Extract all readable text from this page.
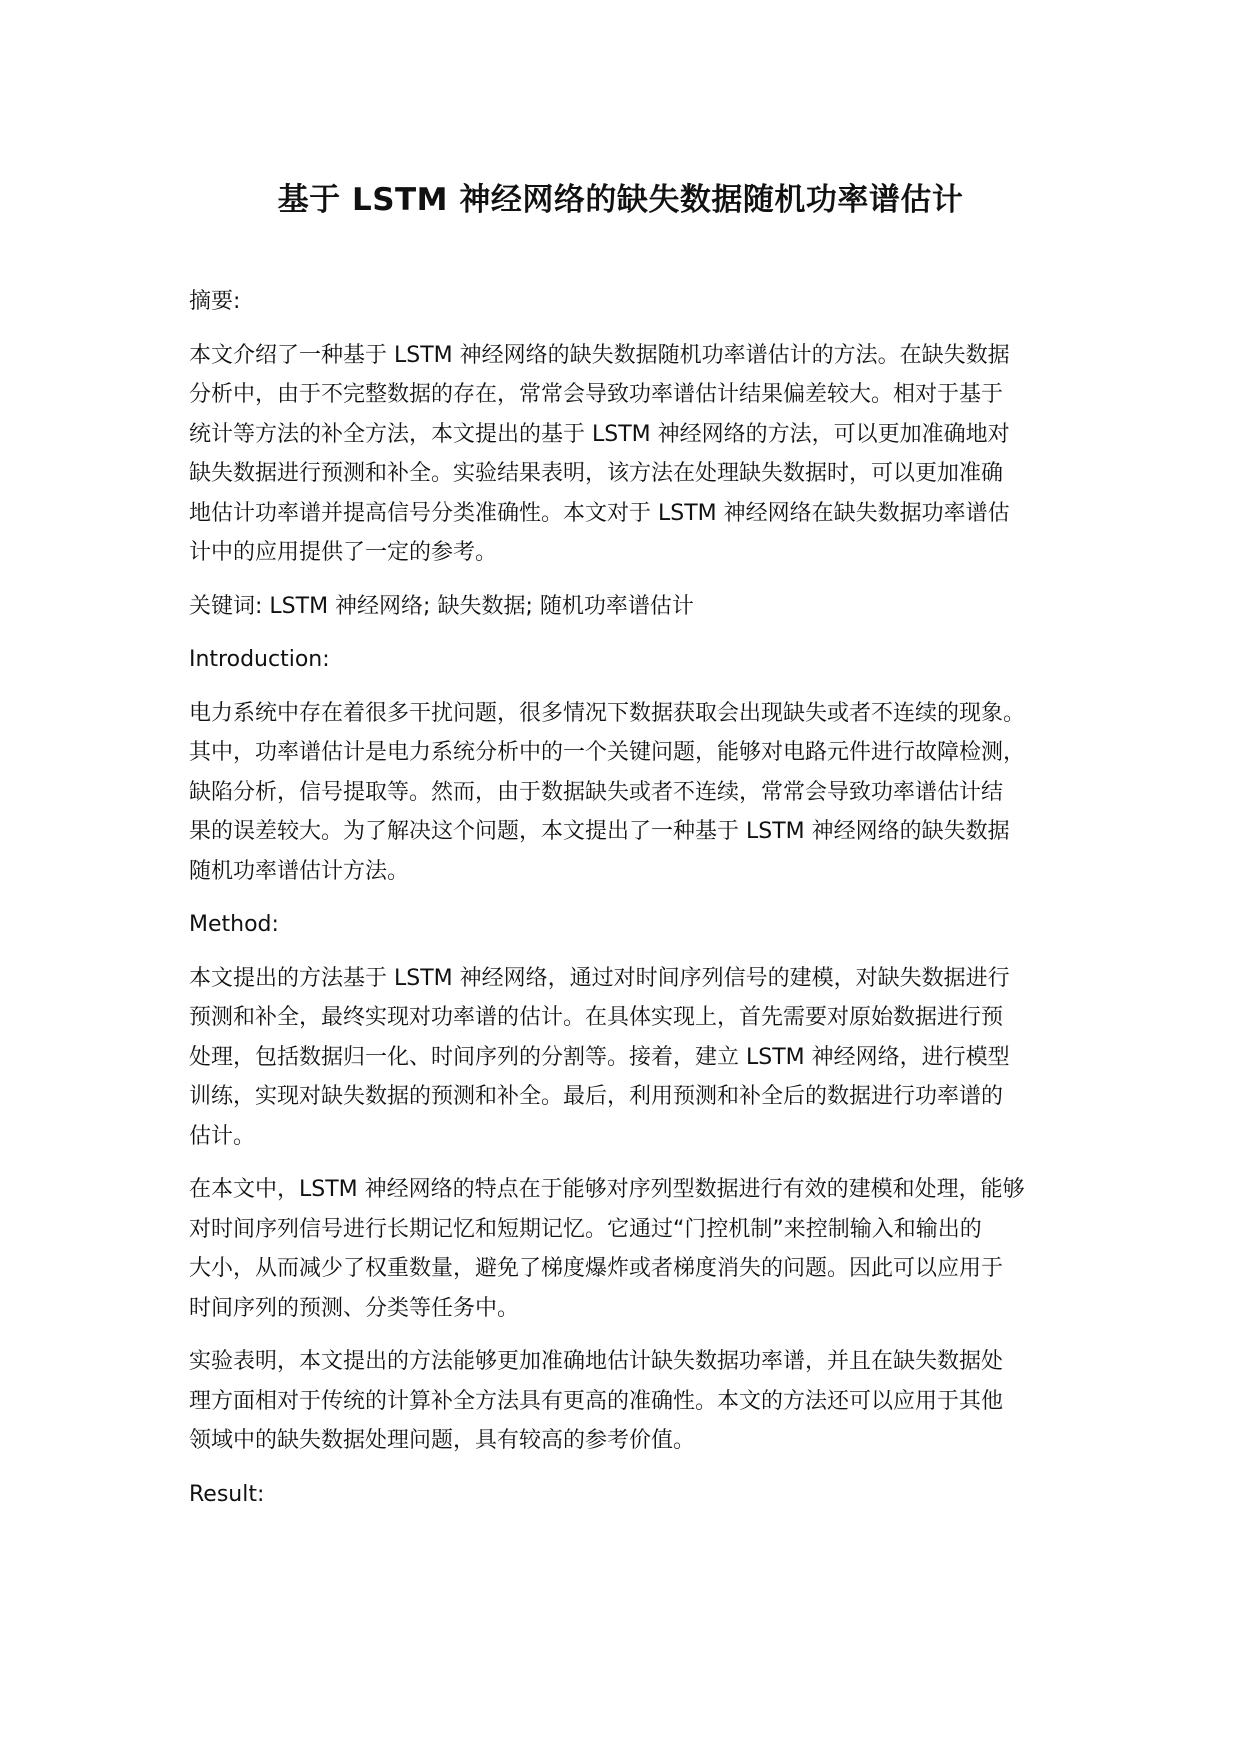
基于 LSTM 神经网络的缺失数据随机功率谱估计
摘要:
本文介绍了一种基于 LSTM 神经网络的缺失数据随机功率谱估计的方法。在缺失数据
分析中，由于不完整数据的存在，常常会导致功率谱估计结果偏差较大。相对于基于
统计等方法的补全方法，本文提出的基于 LSTM 神经网络的方法，可以更加准确地对
缺失数据进行预测和补全。实验结果表明，该方法在处理缺失数据时，可以更加准确
地估计功率谱并提高信号分类准确性。本文对于 LSTM 神经网络在缺失数据功率谱估
计中的应用提供了一定的参考。
关键词: LSTM 神经网络; 缺失数据; 随机功率谱估计
Introduction:
电力系统中存在着很多干扰问题，很多情况下数据获取会出现缺失或者不连续的现象。
其中，功率谱估计是电力系统分析中的一个关键问题，能够对电路元件进行故障检测，
缺陷分析，信号提取等。然而，由于数据缺失或者不连续，常常会导致功率谱估计结
果的误差较大。为了解决这个问题，本文提出了一种基于 LSTM 神经网络的缺失数据
随机功率谱估计方法。
Method:
本文提出的方法基于 LSTM 神经网络，通过对时间序列信号的建模，对缺失数据进行
预测和补全，最终实现对功率谱的估计。在具体实现上，首先需要对原始数据进行预
处理，包括数据归一化、时间序列的分割等。接着，建立 LSTM 神经网络，进行模型
训练，实现对缺失数据的预测和补全。最后，利用预测和补全后的数据进行功率谱的
估计。
在本文中，LSTM 神经网络的特点在于能够对序列型数据进行有效的建模和处理，能够
对时间序列信号进行长期记忆和短期记忆。它通过“门控机制”来控制输入和输出的
大小，从而减少了权重数量，避免了梯度爆炸或者梯度消失的问题。因此可以应用于
时间序列的预测、分类等任务中。
实验表明，本文提出的方法能够更加准确地估计缺失数据功率谱，并且在缺失数据处
理方面相对于传统的计算补全方法具有更高的准确性。本文的方法还可以应用于其他
领域中的缺失数据处理问题，具有较高的参考价值。
Result:
